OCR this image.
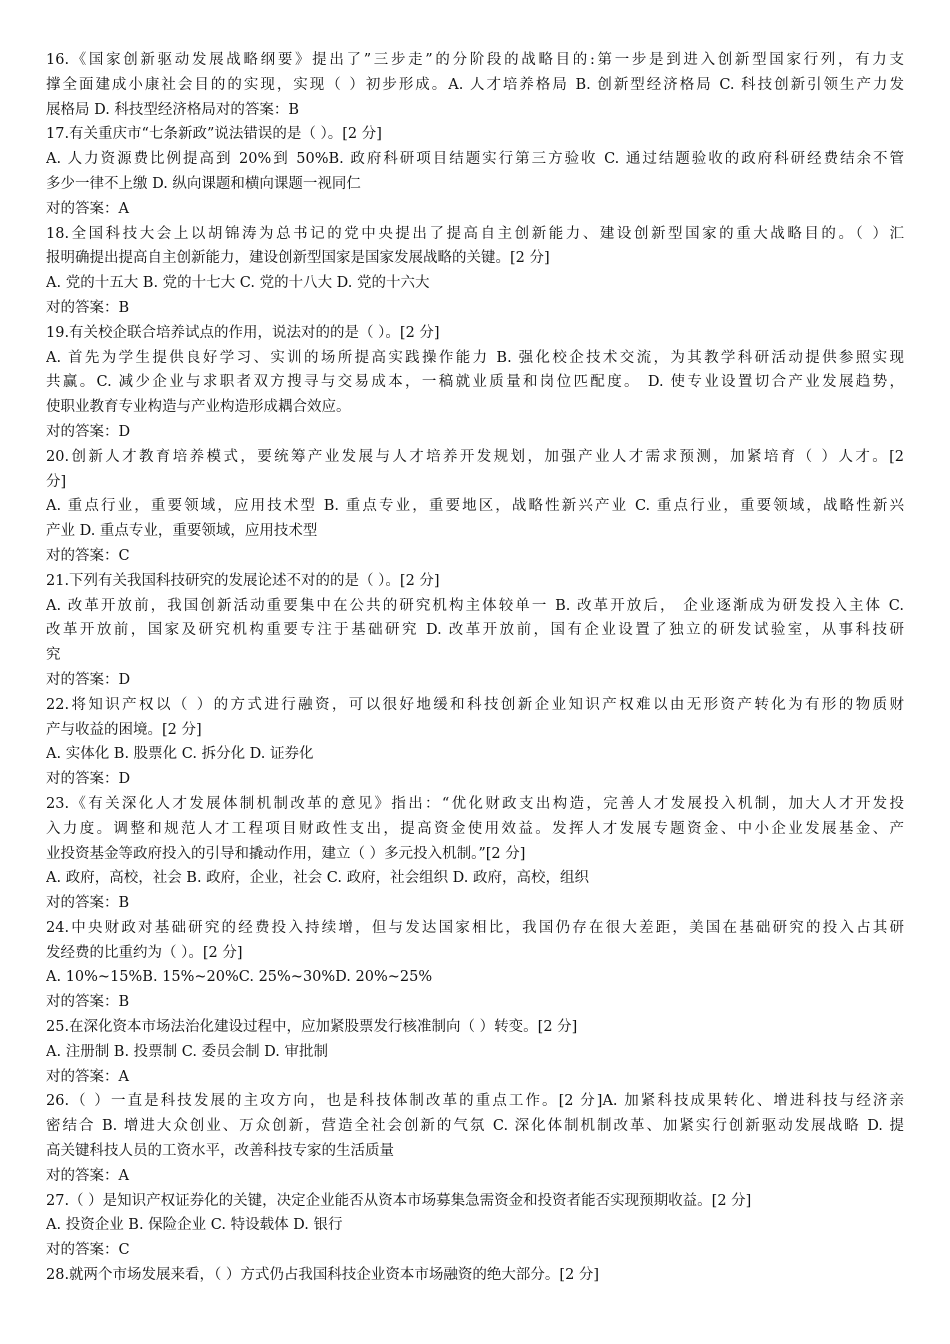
16.《国家创新驱动发展战略纲要》提出了”三步走”的分阶段的战略目的:第一步是到进入创新型国家行列，有力支
撑全面建成小康社会目的的实现，实现（ ）初步形成。A. 人才培养格局 B. 创新型经济格局 C. 科技创新引领生产力发
展格局 D. 科技型经济格局对的答案：B
17.有关重庆市“七条新政”说法错误的是（ ）。[2 分]
A. 人力资源费比例提高到 20%到 50%B. 政府科研项目结题实行第三方验收 C. 通过结题验收的政府科研经费结余不管
多少一律不上缴 D. 纵向课题和横向课题一视同仁
对的答案：A
18.全国科技大会上以胡锦涛为总书记的党中央提出了提高自主创新能力、建设创新型国家的重大战略目的。（ ）汇
报明确提出提高自主创新能力，建设创新型国家是国家发展战略的关键。[2 分]
A. 党的十五大 B. 党的十七大 C. 党的十八大 D. 党的十六大
对的答案：B
19.有关校企联合培养试点的作用，说法对的的是（ ）。[2 分]
A. 首先为学生提供良好学习、实训的场所提高实践操作能力 B. 强化校企技术交流，为其教学科研活动提供参照实现
共赢。C. 减少企业与求职者双方搜寻与交易成本，一稿就业质量和岗位匹配度。 D. 使专业设置切合产业发展趋势，
使职业教育专业构造与产业构造形成耦合效应。
对的答案：D
20.创新人才教育培养模式，要统筹产业发展与人才培养开发规划，加强产业人才需求预测，加紧培育（ ）人才。[2
分]
A. 重点行业，重要领域，应用技术型 B. 重点专业，重要地区，战略性新兴产业 C. 重点行业，重要领域，战略性新兴
产业 D. 重点专业，重要领域，应用技术型
对的答案：C
21.下列有关我国科技研究的发展论述不对的的是（ ）。[2 分]
A. 改革开放前，我国创新活动重要集中在公共的研究机构主体较单一 B. 改革开放后， 企业逐渐成为研发投入主体 C.
改革开放前，国家及研究机构重要专注于基础研究 D. 改革开放前，国有企业设置了独立的研发试验室，从事科技研
究
对的答案：D
22.将知识产权以（ ）的方式进行融资，可以很好地缓和科技创新企业知识产权难以由无形资产转化为有形的物质财
产与收益的困境。[2 分]
A. 实体化 B. 股票化 C. 拆分化 D. 证券化
对的答案：D
23.《有关深化人才发展体制机制改革的意见》指出：“优化财政支出构造，完善人才发展投入机制，加大人才开发投
入力度。调整和规范人才工程项目财政性支出，提高资金使用效益。发挥人才发展专题资金、中小企业发展基金、产
业投资基金等政府投入的引导和撬动作用，建立（ ）多元投入机制。”[2 分]
A. 政府，高校，社会 B. 政府，企业，社会 C. 政府，社会组织 D. 政府，高校，组织
对的答案：B
24.中央财政对基础研究的经费投入持续增，但与发达国家相比，我国仍存在很大差距，美国在基础研究的投入占其研
发经费的比重约为（ ）。[2 分]
A. 10%~15%B. 15%~20%C. 25%~30%D. 20%~25%
对的答案：B
25.在深化资本市场法治化建设过程中，应加紧股票发行核准制向（ ）转变。[2 分]
A. 注册制 B. 投票制 C. 委员会制 D. 审批制
对的答案：A
26.（ ）一直是科技发展的主攻方向，也是科技体制改革的重点工作。[2 分]A. 加紧科技成果转化、增进科技与经济亲
密结合 B. 增进大众创业、万众创新，营造全社会创新的气氛 C. 深化体制机制改革、加紧实行创新驱动发展战略 D. 提
高关键科技人员的工资水平，改善科技专家的生活质量
对的答案：A
27.（ ）是知识产权证券化的关键，决定企业能否从资本市场募集急需资金和投资者能否实现预期收益。[2 分]
A. 投资企业 B. 保险企业 C. 特设载体 D. 银行
对的答案：C
28.就两个市场发展来看，（ ）方式仍占我国科技企业资本市场融资的绝大部分。[2 分]
